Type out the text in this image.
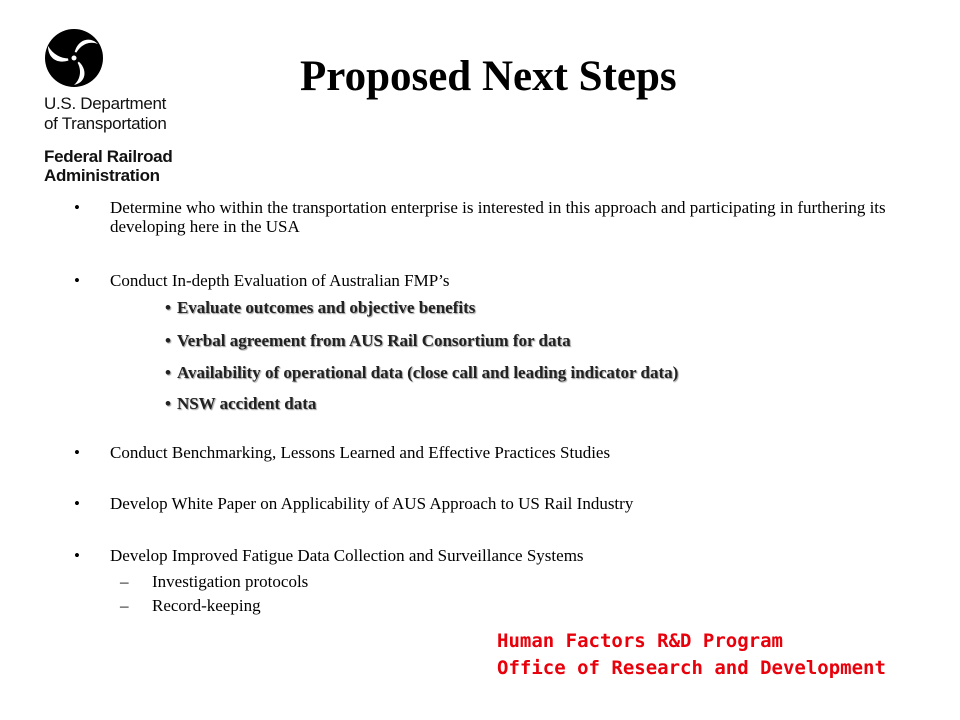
U.S. Department
of Transportation
Federal Railroad
Administration
Proposed Next Steps
• Determine who within the transportation enterprise is interested in this approach and participating in furthering its developing here in the USA
• Conduct In-depth Evaluation of Australian FMP’s
• Evaluate outcomes and objective benefits
• Verbal agreement from AUS Rail Consortium for data
• Availability of operational data (close call and leading indicator data)
• NSW accident data
• Conduct Benchmarking, Lessons Learned and Effective Practices Studies
• Develop White Paper on Applicability of AUS Approach to US Rail Industry
• Develop Improved Fatigue Data Collection and Surveillance Systems
– Investigation protocols
– Record-keeping
Human Factors R&D Program
Office of Research and Development
